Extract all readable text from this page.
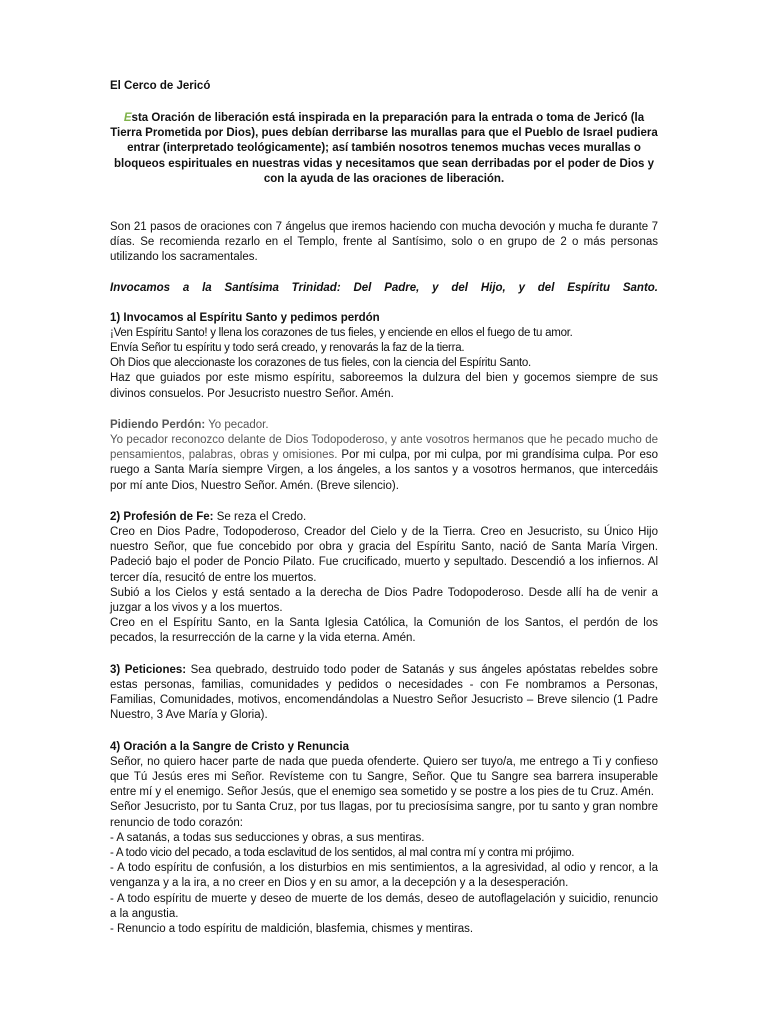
El Cerco de Jericó

Esta Oración de liberación está inspirada en la preparación para la entrada o toma de Jericó (la Tierra Prometida por Dios), pues debían derribarse las murallas para que el Pueblo de Israel pudiera entrar (interpretado teológicamente); así también nosotros tenemos muchas veces murallas o bloqueos espirituales en nuestras vidas y necesitamos que sean derribadas por el poder de Dios y con la ayuda de las oraciones de liberación.

Son 21 pasos de oraciones con 7 ángelus que iremos haciendo con mucha devoción y mucha fe durante 7 días. Se recomienda rezarlo en el Templo, frente al Santísimo, solo o en grupo de 2 o más personas utilizando los sacramentales.

Invocamos a la Santísima Trinidad: Del Padre, y del Hijo, y del Espíritu Santo.

1) Invocamos al Espíritu Santo y pedimos perdón

¡Ven Espíritu Santo! y llena los corazones de tus fieles, y enciende en ellos el fuego de tu amor.

Envía Señor tu espíritu y todo será creado, y renovarás la faz de la tierra.

Oh Dios que aleccionaste los corazones de tus fieles, con la ciencia del Espíritu Santo.

Haz que guiados por este mismo espíritu, saboreemos la dulzura del bien y gocemos siempre de sus divinos consuelos. Por Jesucristo nuestro Señor. Amén.

Pidiendo Perdón: Yo pecador.

Yo pecador reconozco delante de Dios Todopoderoso, y ante vosotros hermanos que he pecado mucho de pensamientos, palabras, obras y omisiones. Por mi culpa, por mi culpa, por mi grandísima culpa. Por eso ruego a Santa María siempre Virgen, a los ángeles, a los santos y a vosotros hermanos, que intercedáis por mí ante Dios, Nuestro Señor. Amén. (Breve silencio).

2) Profesión de Fe: Se reza el Credo.

Creo en Dios Padre, Todopoderoso, Creador del Cielo y de la Tierra. Creo en Jesucristo, su Único Hijo nuestro Señor, que fue concebido por obra y gracia del Espíritu Santo, nació de Santa María Virgen. Padeció bajo el poder de Poncio Pilato. Fue crucificado, muerto y sepultado. Descendió a los infiernos. Al tercer día, resucitó de entre los muertos.

Subió a los Cielos y está sentado a la derecha de Dios Padre Todopoderoso. Desde allí ha de venir a juzgar a los vivos y a los muertos.

Creo en el Espíritu Santo, en la Santa Iglesia Católica, la Comunión de los Santos, el perdón de los pecados, la resurrección de la carne y la vida eterna. Amén.

3) Peticiones: Sea quebrado, destruido todo poder de Satanás y sus ángeles apóstatas rebeldes sobre estas personas, familias, comunidades y pedidos o necesidades - con Fe nombramos a Personas, Familias, Comunidades, motivos, encomendándolas a Nuestro Señor Jesucristo – Breve silencio (1 Padre Nuestro, 3 Ave María y Gloria).

4) Oración a la Sangre de Cristo y Renuncia

Señor, no quiero hacer parte de nada que pueda ofenderte. Quiero ser tuyo/a, me entrego a Ti y confieso que Tú Jesús eres mi Señor. Revísteme con tu Sangre, Señor. Que tu Sangre sea barrera insuperable entre mí y el enemigo. Señor Jesús, que el enemigo sea sometido y se postre a los pies de tu Cruz. Amén.

Señor Jesucristo, por tu Santa Cruz, por tus llagas, por tu preciosísima sangre, por tu santo y gran nombre renuncio de todo corazón:

- A satanás, a todas sus seducciones y obras, a sus mentiras.

- A todo vicio del pecado, a toda esclavitud de los sentidos, al mal contra mí y contra mi prójimo.

- A todo espíritu de confusión, a los disturbios en mis sentimientos, a la agresividad, al odio y rencor, a la venganza y a la ira, a no creer en Dios y en su amor, a la decepción y a la desesperación.

- A todo espíritu de muerte y deseo de muerte de los demás, deseo de autoflagelación y suicidio, renuncio a la angustia.

- Renuncio a todo espíritu de maldición, blasfemia, chismes y mentiras.
